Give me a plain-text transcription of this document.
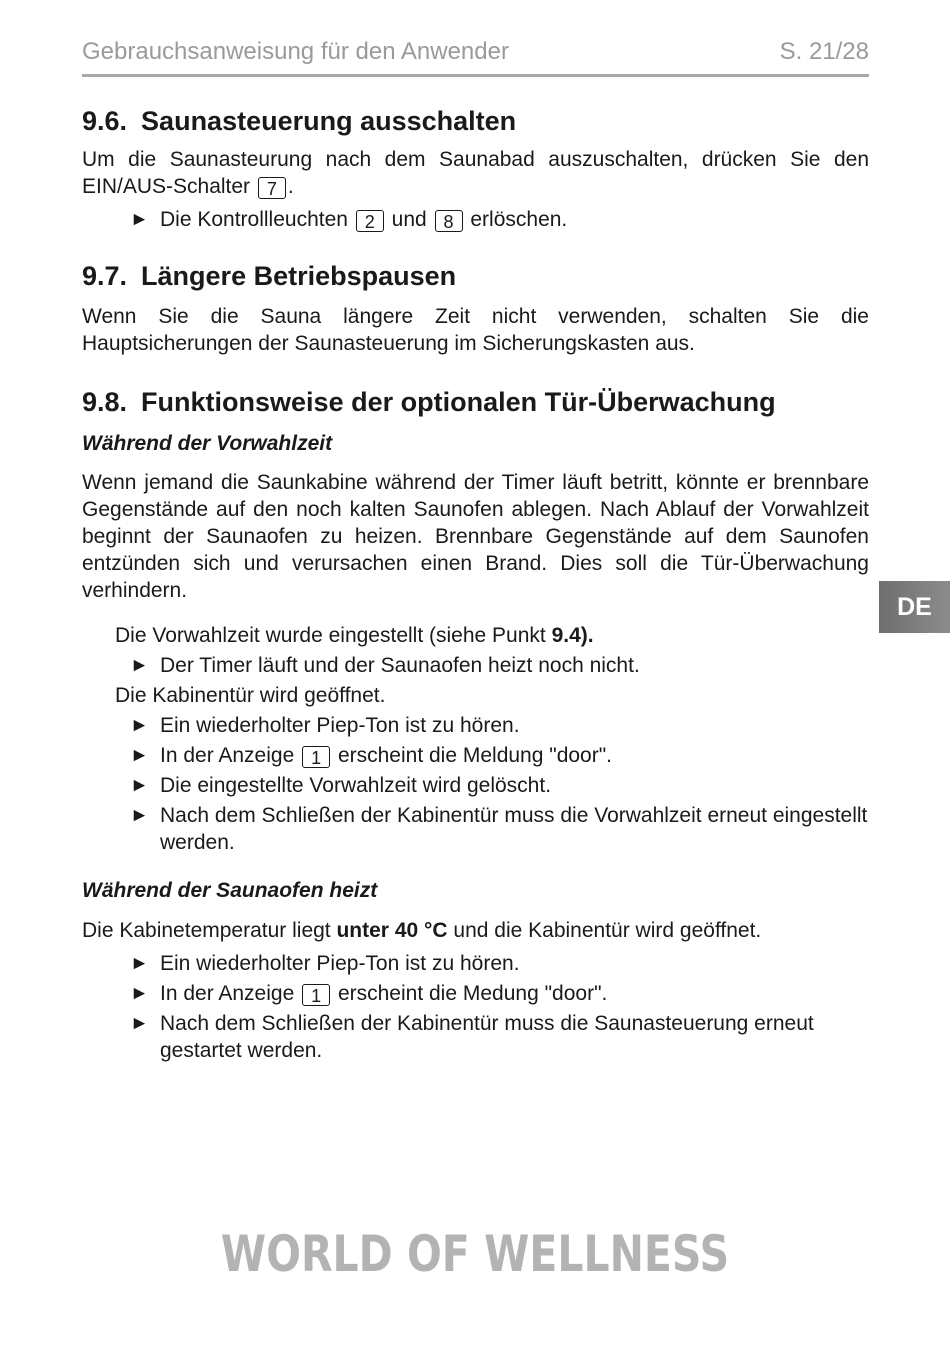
Gebrauchsanweisung für den Anwender	S. 21/28
DE
9.6. Saunasteuerung ausschalten

Um die Saunasteurung nach dem Saunabad auszuschalten, drücken Sie den EIN/AUS-Schalter 7 .

► Die Kontrollleuchten 2 und 8 erlöschen.
9.7. Längere Betriebspausen

Wenn Sie die Sauna längere Zeit nicht verwenden, schalten Sie die Hauptsicherungen der Saunasteuerung im Sicherungskasten aus.

9.8. Funktionsweise der optionalen Tür-Überwachung

Während der Vorwahlzeit

Wenn jemand die Saunkabine während der Timer läuft betritt, könnte er brennbare Gegenstände auf den noch kalten Saunofen ablegen. Nach Ablauf der Vorwahlzeit beginnt der Saunaofen zu heizen. Brennbare Gegenstände auf dem Saunofen entzünden sich und verursachen einen Brand. Dies soll die Tür-Überwachung verhindern.

Die Vorwahlzeit wurde eingestellt (siehe Punkt 9.4).
► Der Timer läuft und der Saunaofen heizt noch nicht.
Die Kabinentür wird geöffnet.
► Ein wiederholter Piep-Ton ist zu hören.
► In der Anzeige 1 erscheint die Meldung "door".
► Die eingestellte Vorwahlzeit wird gelöscht.
► Nach dem Schließen der Kabinentür muss die Vorwahlzeit erneut eingestellt werden.

Während der Saunaofen heizt

Die Kabinetemperatur liegt unter 40 °C und die Kabinentür wird geöffnet.

► Ein wiederholter Piep-Ton ist zu hören.
► In der Anzeige 1 erscheint die Medung "door".
► Nach dem Schließen der Kabinentür muss die Saunasteuerung erneut gestartet werden.
WORLD OF WELLNESS
